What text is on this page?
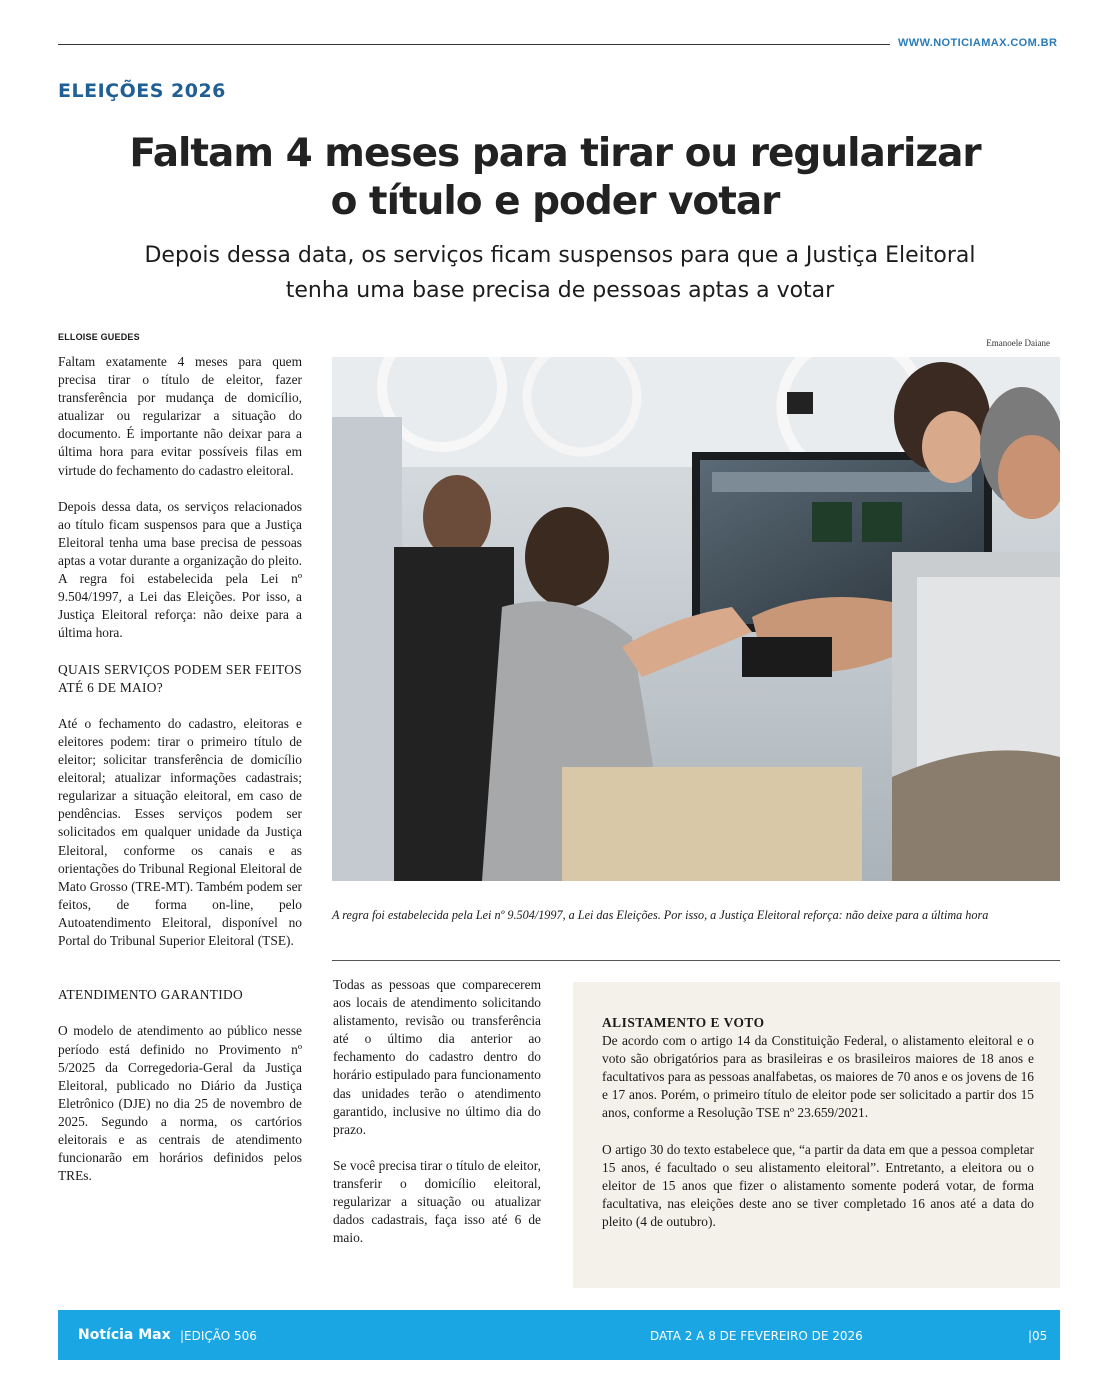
WWW.NOTICIAMAX.COM.BR
ELEIÇÕES 2026
Faltam 4 meses para tirar ou regularizar
o título e poder votar
Depois dessa data, os serviços ficam suspensos para que a Justiça Eleitoral
tenha uma base precisa de pessoas aptas a votar
ELLOISE GUEDES
Emanoele Daiane

Faltam exatamente 4 meses para quem precisa tirar o título de eleitor, fazer transferência por mudança de domicílio, atualizar ou regularizar a situação do documento. É importante não deixar para a última hora para evitar possíveis filas em virtude do fechamento do cadastro eleitoral.

Depois dessa data, os serviços relacionados ao título ficam suspensos para que a Justiça Eleitoral tenha uma base precisa de pessoas aptas a votar durante a organização do pleito. A regra foi estabelecida pela Lei nº 9.504/1997, a Lei das Eleições. Por isso, a Justiça Eleitoral reforça: não deixe para a última hora.

QUAIS SERVIÇOS PODEM SER FEITOS ATÉ 6 DE MAIO?

Até o fechamento do cadastro, eleitoras e eleitores podem: tirar o primeiro título de eleitor; solicitar transferência de domicílio eleitoral; atualizar informações cadastrais; regularizar a situação eleitoral, em caso de pendências. Esses serviços podem ser solicitados em qualquer unidade da Justiça Eleitoral, conforme os canais e as orientações do Tribunal Regional Eleitoral de Mato Grosso (TRE-MT). Também podem ser feitos, de forma on-line, pelo Autoatendimento Eleitoral, disponível no Portal do Tribunal Superior Eleitoral (TSE).

ATENDIMENTO GARANTIDO

O modelo de atendimento ao público nesse período está definido no Provimento nº 5/2025 da Corregedoria-Geral da Justiça Eleitoral, publicado no Diário da Justiça Eletrônico (DJE) no dia 25 de novembro de 2025. Segundo a norma, os cartórios eleitorais e as centrais de atendimento funcionarão em horários definidos pelos TREs.

A regra foi estabelecida pela Lei nº 9.504/1997, a Lei das Eleições. Por isso, a Justiça Eleitoral reforça: não deixe para a última hora

Todas as pessoas que comparecerem aos locais de atendimento solicitando alistamento, revisão ou transferência até o último dia anterior ao fechamento do cadastro dentro do horário estipulado para funcionamento das unidades terão o atendimento garantido, inclusive no último dia do prazo.

Se você precisa tirar o título de eleitor, transferir o domicílio eleitoral, regularizar a situação ou atualizar dados cadastrais, faça isso até 6 de maio.

ALISTAMENTO E VOTO

De acordo com o artigo 14 da Constituição Federal, o alistamento eleitoral e o voto são obrigatórios para as brasileiras e os brasileiros maiores de 18 anos e facultativos para as pessoas analfabetas, os maiores de 70 anos e os jovens de 16 e 17 anos. Porém, o primeiro título de eleitor pode ser solicitado a partir dos 15 anos, conforme a Resolução TSE nº 23.659/2021.

O artigo 30 do texto estabelece que, “a partir da data em que a pessoa completar 15 anos, é facultado o seu alistamento eleitoral”. Entretanto, a eleitora ou o eleitor de 15 anos que fizer o alistamento somente poderá votar, de forma facultativa, nas eleições deste ano se tiver completado 16 anos até a data do pleito (4 de outubro).

Notícia Max |EDIÇÃO 506	DATA 2 A 8 DE FEVEREIRO DE 2026	|05
